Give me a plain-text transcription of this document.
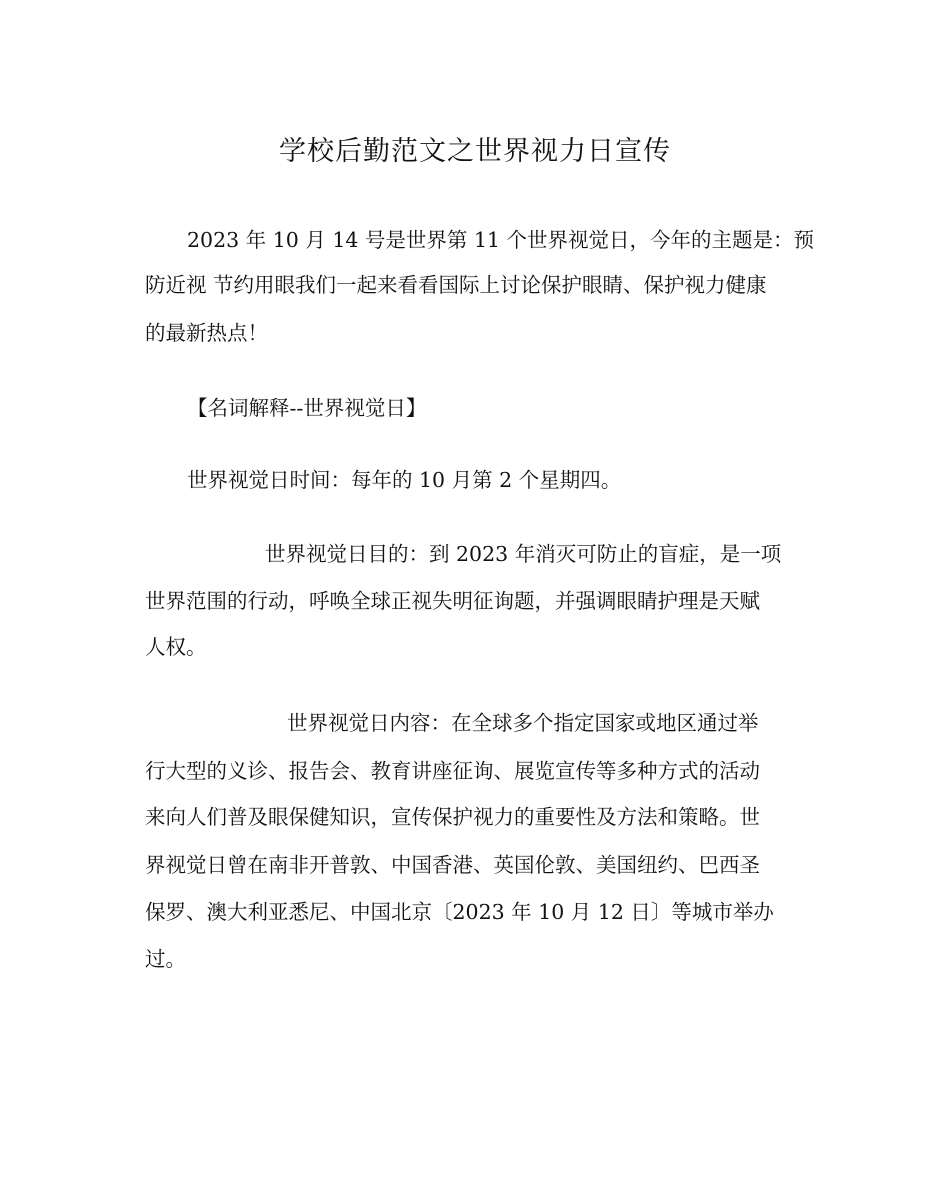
学校后勤范文之世界视力日宣传
2023 年 10 月 14 号是世界第 11 个世界视觉日，今年的主题是：预
防近视 节约用眼我们一起来看看国际上讨论保护眼睛、保护视力健康
的最新热点！
【名词解释--世界视觉日】
世界视觉日时间：每年的 10 月第 2 个星期四。
世界视觉日目的：到 2023 年消灭可防止的盲症，是一项
世界范围的行动，呼唤全球正视失明征询题，并强调眼睛护理是天赋
人权。
世界视觉日内容：在全球多个指定国家或地区通过举
行大型的义诊、报告会、教育讲座征询、展览宣传等多种方式的活动
来向人们普及眼保健知识，宣传保护视力的重要性及方法和策略。世
界视觉日曾在南非开普敦、中国香港、英国伦敦、美国纽约、巴西圣
保罗、澳大利亚悉尼、中国北京〔2023 年 10 月 12 日〕等城市举办
过。
